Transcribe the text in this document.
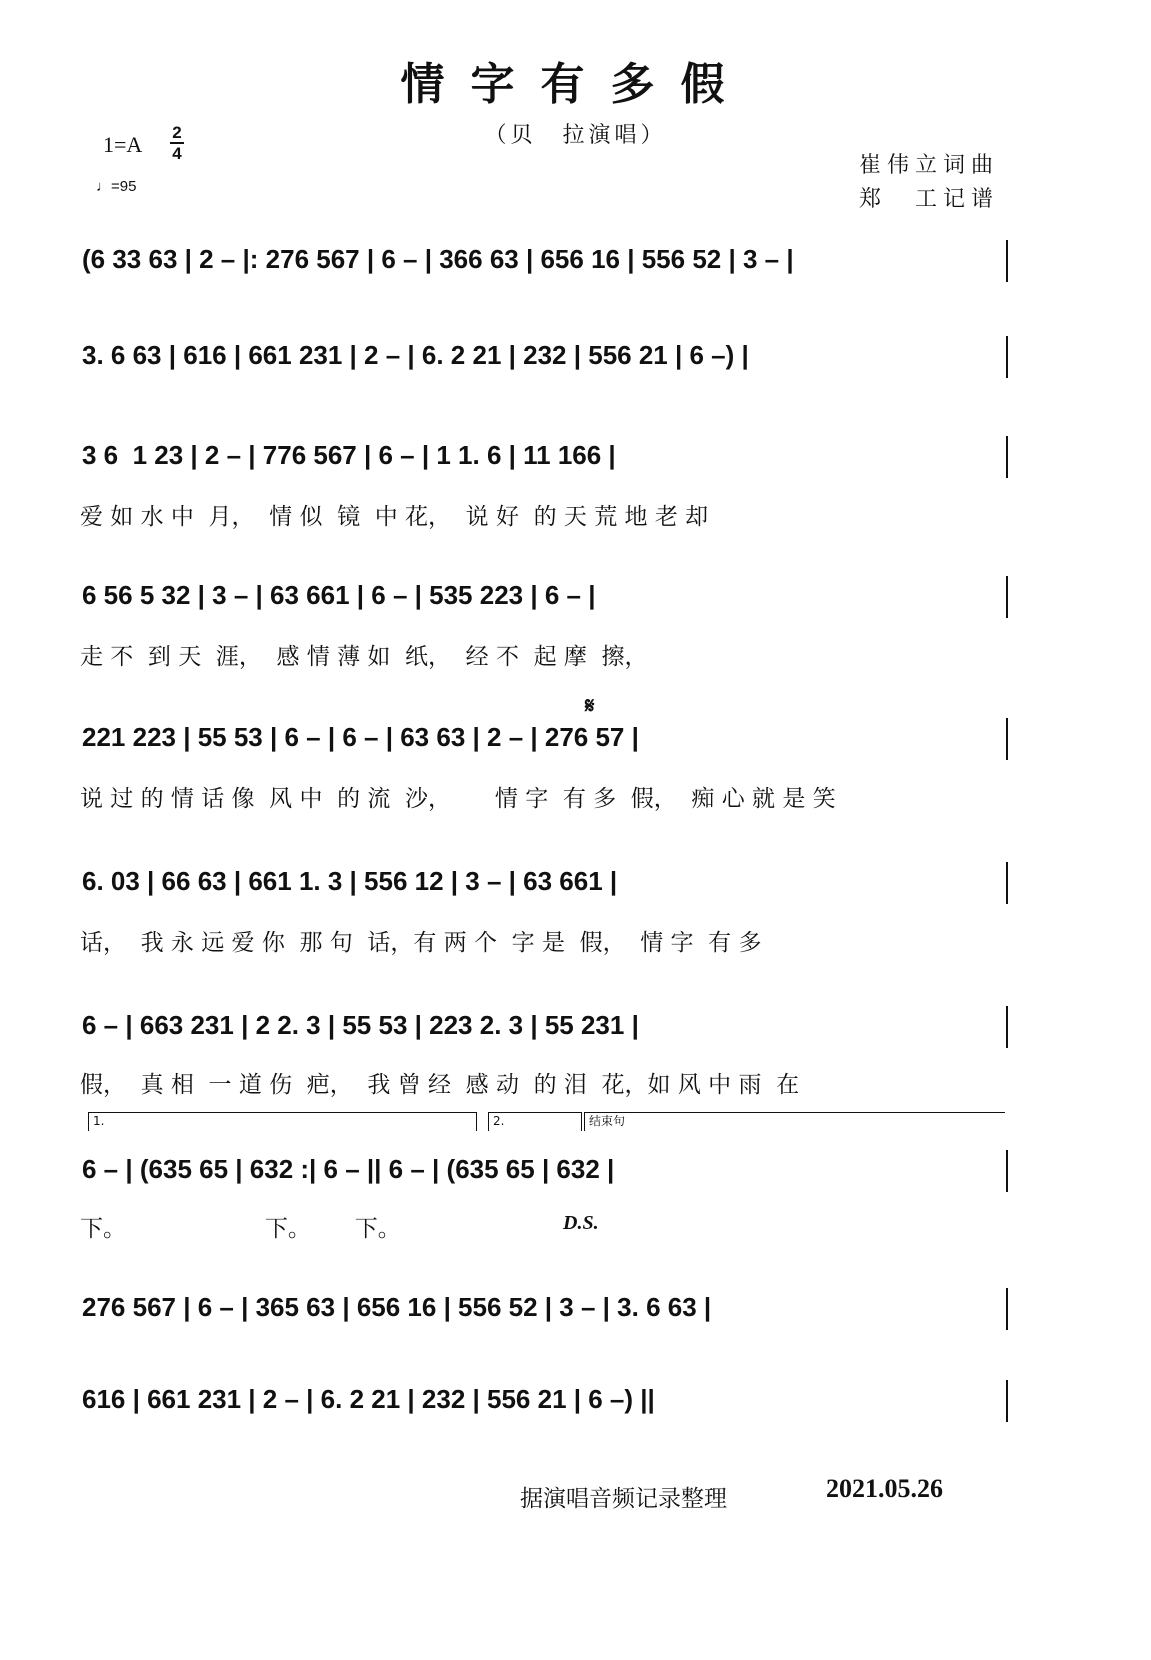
情字有多假
（贝　拉演唱）
1=A 2
4
♩=95
崔伟立词曲
郑　工记谱
(6 33 63 | 2 – |: 276 567 | 6 – | 366 63 | 656 16 | 556 52 | 3 – |
3. 6 63 | 616 | 661 231 | 2 – | 6. 2 21 | 232 | 556 21 | 6 –) |
3 6  1 23 | 2 – | 776 567 | 6 – | 1 1. 6 | 11 166 |
爱 如 水 中  月，  情 似  镜  中 花，  说 好  的 天 荒 地 老 却
6 56 5 32 | 3 – | 63 661 | 6 – | 535 223 | 6 – |
走 不  到 天  涯，  感 情 薄 如  纸，  经 不  起 摩  擦，
221 223 | 55 53 | 6 – | 6 – | 63 63 | 2 – | 276 57 |
说 过 的 情 话 像  风 中  的 流  沙，      情 字  有 多  假，  痴 心 就 是 笑
6. 03 | 66 63 | 661 1. 3 | 556 12 | 3 – | 63 661 |
话，  我 永 远 爱 你  那 句  话，有 两 个  字 是  假，  情 字  有 多
6 – | 663 231 | 2 2. 3 | 55 53 | 223 2. 3 | 55 231 |
假，  真 相  一 道 伤  疤，  我 曾 经  感 动  的 泪  花，如 风 中 雨  在
6 – | (635 65 | 632 :| 6 – || 6 – | (635 65 | 632 |
下。                   下。      下。
276 567 | 6 – | 365 63 | 656 16 | 556 52 | 3 – | 3. 6 63 |
616 | 661 231 | 2 – | 6. 2 21 | 232 | 556 21 | 6 –) ||
1.	2.	结束句
𝄋
D.S.
据演唱音频记录整理	2021.05.26
